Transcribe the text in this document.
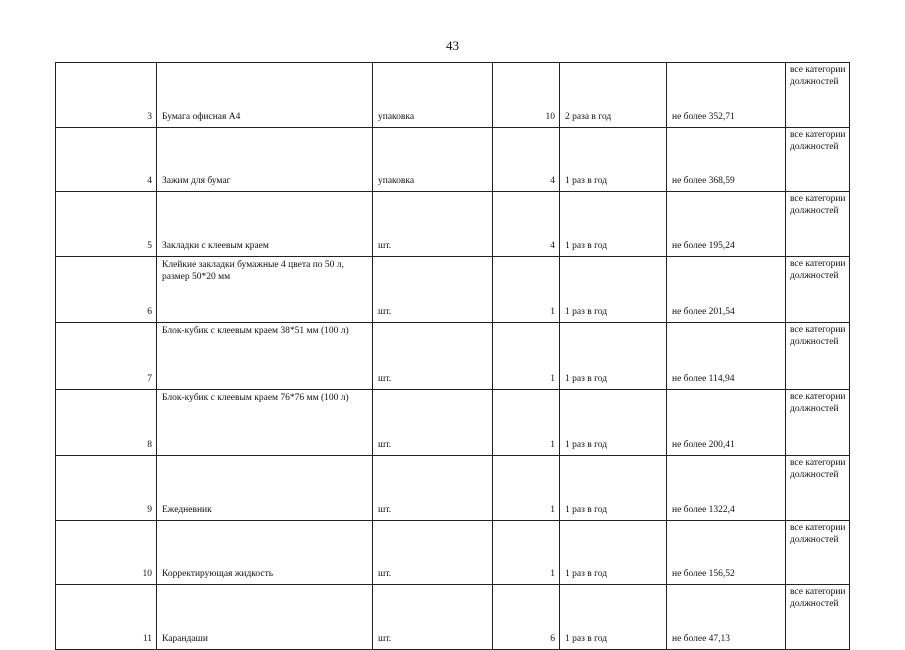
43
3	Бумага офисная А4	упаковка	10	2 раза в год	не более 352,71	все категории должностей
4	Зажим для бумаг	упаковка	4	1 раз в год	не более 368,59	все категории должностей
5	Закладки с клеевым краем	шт.	4	1 раз в год	не более 195,24	все категории должностей
6	Клейкие закладки бумажные 4 цвета по 50 л, размер 50*20 мм	шт.	1	1 раз в год	не более 201,54	все категории должностей
7	Блок-кубик с клеевым краем 38*51 мм (100 л)	шт.	1	1 раз в год	не более 114,94	все категории должностей
8	Блок-кубик с клеевым краем 76*76 мм (100 л)	шт.	1	1 раз в год	не более 200,41	все категории должностей
9	Ежедневник	шт.	1	1 раз в год	не более 1322,4	все категории должностей
10	Корректирующая жидкость	шт.	1	1 раз в год	не более 156,52	все категории должностей
11	Карандаши	шт.	6	1 раз в год	не более 47,13	все категории должностей
